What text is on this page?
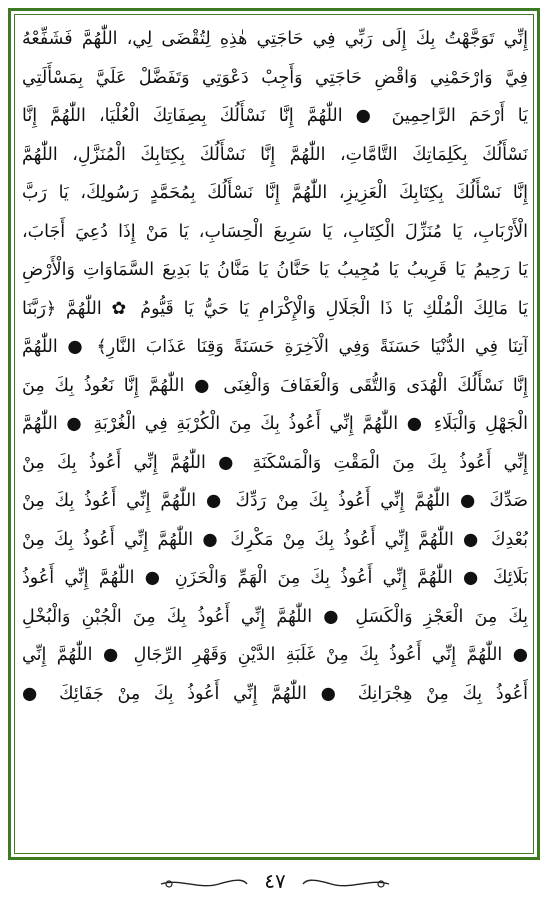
إِنِّي تَوَجَّهْتُ بِكَ إِلَى رَبِّي فِي حَاجَتِي هٰذِهِ لِتُقْضَى لِي، اللّٰهُمَّ فَشَفِّعْهُ
فِيَّ وَارْحَمْنِي وَاقْضِ حَاجَتِي وَأَجِبْ دَعْوَتِي وَتَفَضَّلْ عَلَيَّ بِمَسْأَلَتِي
يَا أَرْحَمَ الرَّاحِمِينَ ● اللّٰهُمَّ إِنَّا نَسْأَلُكَ بِصِفَاتِكَ الْعُلْيَا، اللّٰهُمَّ إِنَّا
نَسْأَلُكَ بِكَلِمَاتِكَ التَّامَّاتِ، اللّٰهُمَّ إِنَّا نَسْأَلُكَ بِكِتَابِكَ الْمُنَزَّلِ، اللّٰهُمَّ
إِنَّا نَسْأَلُكَ بِكِتَابِكَ الْعَزِيزِ، اللّٰهُمَّ إِنَّا نَسْأَلُكَ بِمُحَمَّدٍ رَسُولِكَ، يَا رَبَّ
الْأَرْبَابِ، يَا مُنَزِّلَ الْكِتَابِ، يَا سَرِيعَ الْحِسَابِ، يَا مَنْ إِذَا دُعِيَ أَجَابَ،
يَا رَحِيمُ يَا قَرِيبُ يَا مُجِيبُ يَا حَنَّانُ يَا مَنَّانُ يَا بَدِيعَ السَّمَاوَاتِ وَالْأَرْضِ
يَا مَالِكَ الْمُلْكِ يَا ذَا الْجَلَالِ وَالْإِكْرَامِ يَا حَيُّ يَا قَيُّومُ ✿ اللّٰهُمَّ ﴿رَبَّنَا
آتِنَا فِي الدُّنْيَا حَسَنَةً وَفِي الْآخِرَةِ حَسَنَةً وَقِنَا عَذَابَ النَّارِ﴾ ● اللّٰهُمَّ
إِنَّا نَسْأَلُكَ الْهُدَى وَالتُّقَى وَالْعَفَافَ وَالْغِنَى ● اللّٰهُمَّ إِنَّا نَعُوذُ بِكَ مِنَ
الْجَهْلِ وَالْبَلَاءِ ● اللّٰهُمَّ إِنِّي أَعُوذُ بِكَ مِنَ الْكُرْبَةِ فِي الْغُرْبَةِ ● اللّٰهُمَّ
إِنِّي أَعُوذُ بِكَ مِنَ الْمَقْتِ وَالْمَسْكَنَةِ ● اللّٰهُمَّ إِنِّي أَعُوذُ بِكَ مِنْ
صَدِّكَ ● اللّٰهُمَّ إِنِّي أَعُوذُ بِكَ مِنْ رَدِّكَ ● اللّٰهُمَّ إِنِّي أَعُوذُ بِكَ مِنْ
بُعْدِكَ ● اللّٰهُمَّ إِنِّي أَعُوذُ بِكَ مِنْ مَكْرِكَ ● اللّٰهُمَّ إِنِّي أَعُوذُ بِكَ مِنْ
بَلَائِكَ ● اللّٰهُمَّ إِنِّي أَعُوذُ بِكَ مِنَ الْهَمِّ وَالْحَزَنِ ● اللّٰهُمَّ إِنِّي أَعُوذُ
بِكَ مِنَ الْعَجْزِ وَالْكَسَلِ ● اللّٰهُمَّ إِنِّي أَعُوذُ بِكَ مِنَ الْجُبْنِ وَالْبُخْلِ
● اللّٰهُمَّ إِنِّي أَعُوذُ بِكَ مِنْ غَلَبَةِ الدَّيْنِ وَقَهْرِ الرِّجَالِ ● اللّٰهُمَّ إِنِّي
أَعُوذُ بِكَ مِنْ هِجْرَانِكَ ● اللّٰهُمَّ إِنِّي أَعُوذُ بِكَ مِنْ جَفَائِكَ ●
٤٧
